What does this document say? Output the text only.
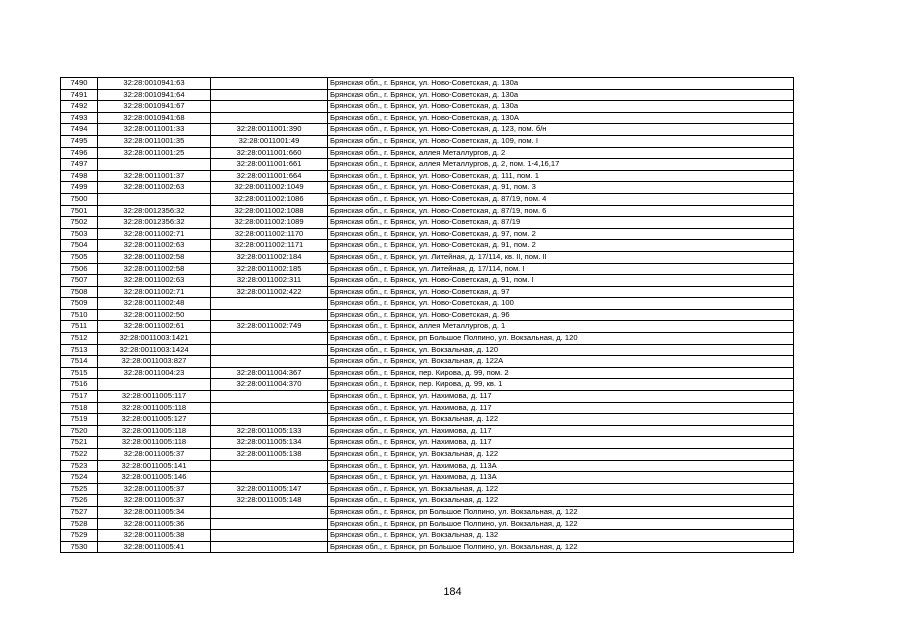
7490	32:28:0010941:63		Брянская обл., г. Брянск, ул. Ново-Советская, д. 130а
7491	32:28:0010941:64		Брянская обл., г. Брянск, ул. Ново-Советская, д. 130а
7492	32:28:0010941:67		Брянская обл., г. Брянск, ул. Ново-Советская, д. 130а
7493	32:28:0010941:68		Брянская обл., г. Брянск, ул. Ново-Советская, д. 130А
7494	32:28:0011001:33	32:28:0011001:390	Брянская обл., г. Брянск, ул. Ново-Советская, д. 123, пом. б/н
7495	32:28:0011001:35	32:28:0011001:49	Брянская обл., г. Брянск, ул. Ново-Советская, д. 109, пом. I
7496	32:28:0011001:25	32:28:0011001:660	Брянская обл., г. Брянск, аллея Металлургов, д. 2
7497		32:28:0011001:661	Брянская обл., г. Брянск, аллея Металлургов, д. 2, пом. 1-4,16,17
7498	32:28:0011001:37	32:28:0011001:664	Брянская обл., г. Брянск, ул. Ново-Советская, д. 111, пом. 1
7499	32:28:0011002:63	32:28:0011002:1049	Брянская обл., г. Брянск, ул. Ново-Советская, д. 91, пом. 3
7500		32:28:0011002:1086	Брянская обл., г. Брянск, ул. Ново-Советская, д. 87/19, пом. 4
7501	32:28:0012356:32	32:28:0011002:1088	Брянская обл., г. Брянск, ул. Ново-Советская, д. 87/19, пом. 6
7502	32:28:0012356:32	32:28:0011002:1089	Брянская обл., г. Брянск, ул. Ново-Советская, д. 87/19
7503	32:28:0011002:71	32:28:0011002:1170	Брянская обл., г. Брянск, ул. Ново-Советская, д. 97, пом. 2
7504	32:28:0011002:63	32:28:0011002:1171	Брянская обл., г. Брянск, ул. Ново-Советская, д. 91, пом. 2
7505	32:28:0011002:58	32:28:0011002:184	Брянская обл., г. Брянск, ул. Литейная, д. 17/114, кв. II, пом. II
7506	32:28:0011002:58	32:28:0011002:185	Брянская обл., г. Брянск, ул. Литейная, д. 17/114, пом. I
7507	32:28:0011002:63	32:28:0011002:311	Брянская обл., г. Брянск, ул. Ново-Советская, д. 91, пом. I
7508	32:28:0011002:71	32:28:0011002:422	Брянская обл., г. Брянск, ул. Ново-Советская, д. 97
7509	32:28:0011002:48		Брянская обл., г. Брянск, ул. Ново-Советская, д. 100
7510	32:28:0011002:50		Брянская обл., г. Брянск, ул. Ново-Советская, д. 96
7511	32:28:0011002:61	32:28:0011002:749	Брянская обл., г. Брянск, аллея Металлургов, д. 1
7512	32:28:0011003:1421		Брянская обл., г. Брянск, рп Большое Полпино, ул. Вокзальная, д. 120
7513	32:28:0011003:1424		Брянская обл., г. Брянск, ул. Вокзальная, д. 120
7514	32:28:0011003:827		Брянская обл., г. Брянск, ул. Вокзальная, д. 122А
7515	32:28:0011004:23	32:28:0011004:367	Брянская обл., г. Брянск, пер. Кирова, д. 99, пом. 2
7516		32:28:0011004:370	Брянская обл., г. Брянск, пер. Кирова, д. 99, кв. 1
7517	32:28:0011005:117		Брянская обл., г. Брянск, ул. Нахимова, д. 117
7518	32:28:0011005:118		Брянская обл., г. Брянск, ул. Нахимова, д. 117
7519	32:28:0011005:127		Брянская обл., г. Брянск, ул. Вокзальная, д. 122
7520	32:28:0011005:118	32:28:0011005:133	Брянская обл., г. Брянск, ул. Нахимова, д. 117
7521	32:28:0011005:118	32:28:0011005:134	Брянская обл., г. Брянск, ул. Нахимова, д. 117
7522	32:28:0011005:37	32:28:0011005:138	Брянская обл., г. Брянск, ул. Вокзальная, д. 122
7523	32:28:0011005:141		Брянская обл., г. Брянск, ул. Нахимова, д. 113А
7524	32:28:0011005:146		Брянская обл., г. Брянск, ул. Нахимова, д. 113А
7525	32:28:0011005:37	32:28:0011005:147	Брянская обл., г. Брянск, ул. Вокзальная, д. 122
7526	32:28:0011005:37	32:28:0011005:148	Брянская обл., г. Брянск, ул. Вокзальная, д. 122
7527	32:28:0011005:34		Брянская обл., г. Брянск, рп Большое Полпино, ул. Вокзальная, д. 122
7528	32:28:0011005:36		Брянская обл., г. Брянск, рп Большое Полпино, ул. Вокзальная, д. 122
7529	32:28:0011005:38		Брянская обл., г. Брянск, ул. Вокзальная, д. 132
7530	32:28:0011005:41		Брянская обл., г. Брянск, рп Большое Полпино, ул. Вокзальная, д. 122
184
